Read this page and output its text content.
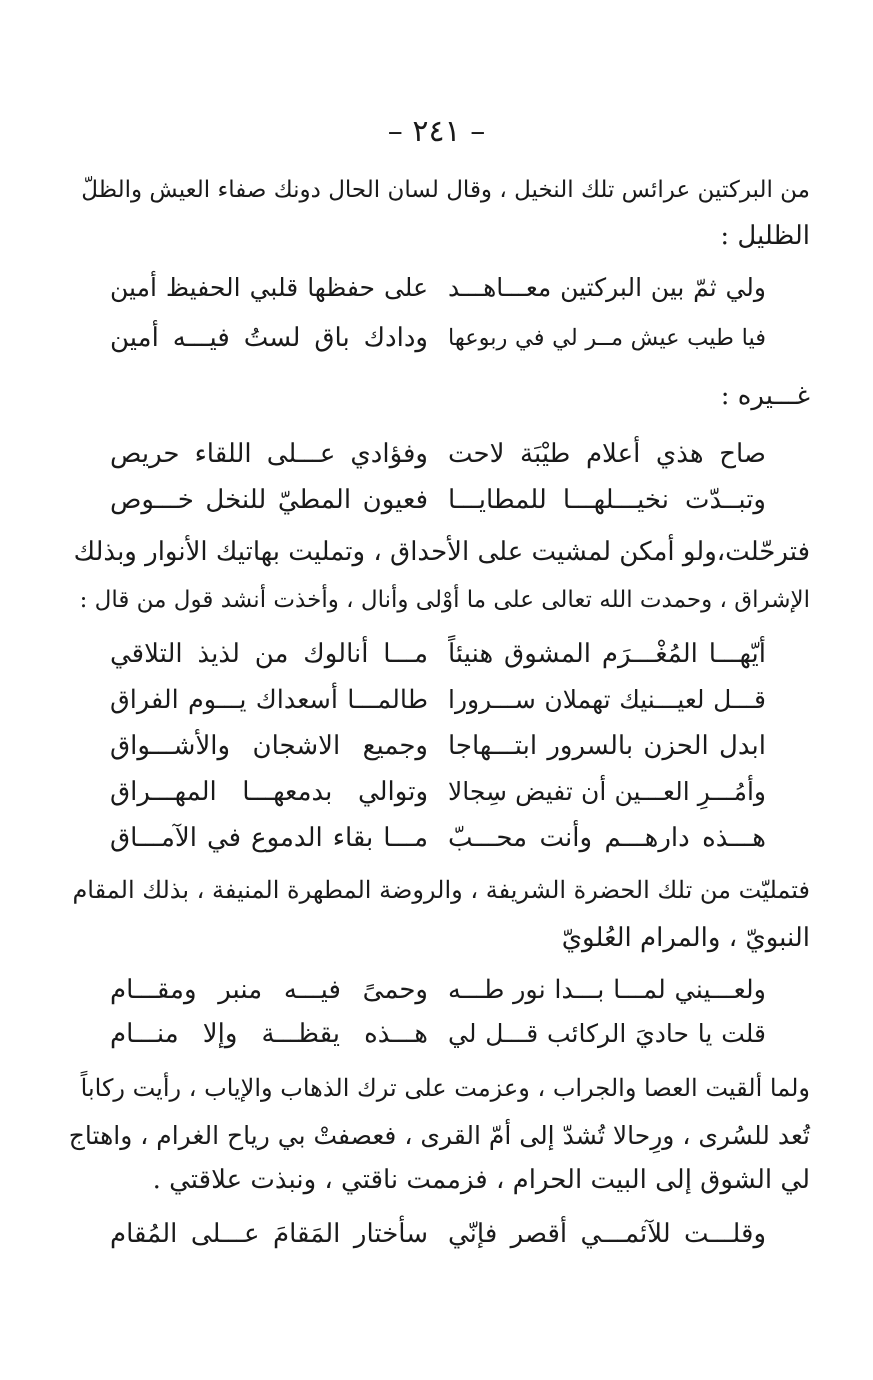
– ٢٤١ –
من البركتين عرائس تلك النخيل ، وقال لسان الحال دونك صفاء العيش والظلّ
الظليل :
ولي ثمّ بين البركتين معـــاهـــد
على حفظها قلبي الحفيظ أمين
فيا طيب عيش مــر لي في ربوعها
ودادك باق لستُ فيـــه أمين
غـــيره :
صاح هذي أعلام طيْبَة لاحت
وفؤادي عـــلى اللقاء حريص
وتبــدّت نخيـــلهـــا للمطايـــا
فعيون المطيّ للنخل خـــوص
فترحّلت،ولو أمكن لمشيت على الأحداق ، وتمليت بهاتيك الأنوار وبذلك
الإشراق ، وحمدت الله تعالى على ما أوْلى وأنال ، وأخذت أنشد قول من قال :
أيّهـــا المُغْـــرَم المشوق هنيئاً
مـــا أنالوك من لذيذ التلاقي
قـــل لعيـــنيك تهملان ســـرورا
طالمـــا أسعداك يـــوم الفراق
ابدل الحزن بالسرور ابتـــهاجا
وجميع الاشجان والأشـــواق
وأمُـــرِ العـــين أن تفيض سِجالا
وتوالي بدمعهـــا المهـــراق
هـــذه دارهـــم وأنت محـــبّ
مـــا بقاء الدموع في الآمـــاق
فتمليّت من تلك الحضرة الشريفة ، والروضة المطهرة المنيفة ، بذلك المقام
النبويّ ، والمرام العُلويّ
ولعـــيني لمـــا بـــدا نور طـــه
وحمىً فيـــه منبر ومقـــام
قلت يا حاديَ الركائب قـــل لي
هـــذه يقظـــة وإلا منـــام
ولما ألقيت العصا والجراب ، وعزمت على ترك الذهاب والإياب ، رأيت ركاباً
تُعد للسُرى ، ورِحالا تُشدّ إلى أمّ القرى ، فعصفتْ بي رياح الغرام ، واهتاج
لي الشوق إلى البيت الحرام ، فزممت ناقتي ، ونبذت علاقتي .
وقلـــت للآئمـــي أقصر فإنّي
سأختار المَقامَ عـــلى المُقام
